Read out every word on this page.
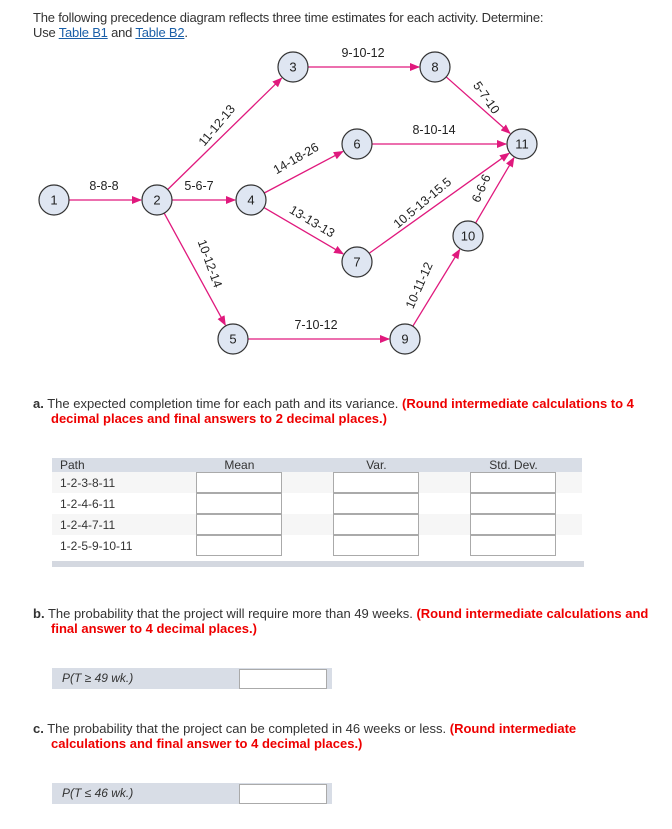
The following precedence diagram reflects three time estimates for each activity. Determine:
Use Table B1 and Table B2.
1	2
3
4
5
6
7
8
9
10
11
8-8-8
11-12-13
5-6-7
10-12-14
9-10-12
14-18-26
13-13-13
8-10-14
10.5-13-15.5
5-7-10
7-10-12
10-11-12
6-6-6
a. The expected completion time for each path and its variance. (Round intermediate calculations to 4 decimal places and final answers to 2 decimal places.)
Path	Mean	Var.	Std. Dev.
1-2-3-8-11	

1-2-4-6-11	

1-2-4-7-11	

1-2-5-9-10-11	

b. The probability that the project will require more than 49 weeks. (Round intermediate calculations and final answer to 4 decimal places.)
P(T ≥ 49 wk.)
c. The probability that the project can be completed in 46 weeks or less. (Round intermediate calculations and final answer to 4 decimal places.)
P(T ≤ 46 wk.)
